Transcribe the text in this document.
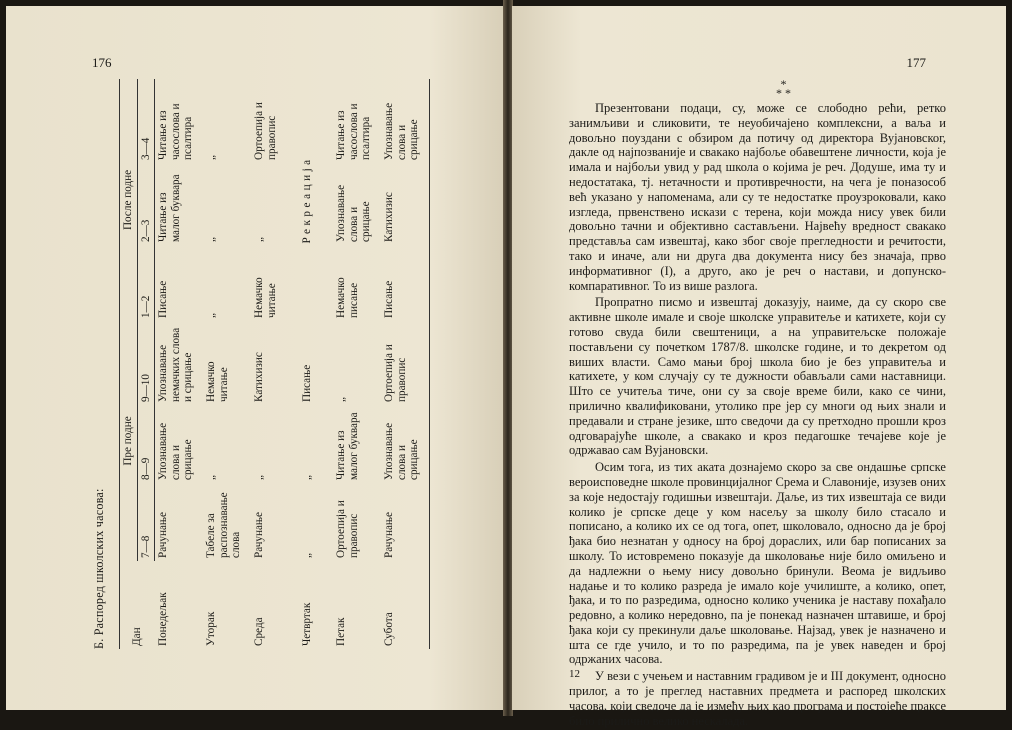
176
Б. Распоред школских часова: Дан	Пре подне			После подне		
	7—8	8—9	9—10	1—2	2—3	3—4
Понедељак	Рачунање	Упознавање слова и срицање	Упознавање немачких слова и срицање	Писање	Читање из малог буквара	Читање из часослова и псалтира
Уторак	Табеле за распознавање слова	„	Немачко читање	„	„	„
Среда	Рачунање	„	Катихизис	Немачко читање	„	Ортоепија и правопис
Четвртак	„	„	Писање	Рекреација		
Петак	Ортоепија и правопис	Читање из малог буквара	„	Немачко писање	Упознавање слова и срицање	Читање из часослова и псалтира
Субота	Рачунање	Упознавање слова и срицање	Ортоепија и правопис	Писање	Катихизис	Упознавање слова и срицање
177
*
* *

Презентовани подаци, су, може се слободно рећи, ретко занимљиви и сликовити, те неуобичајено комплексни, а ваља и довољно поуздани с обзиром да потичу од директора Вујановског, дакле од најпозваније и свакако најбоље обавештене личности, која је имала и најбољи увид у рад школа о којима је реч. Додуше, има ту и недостатака, тј. нетачности и противречности, на чега је поназоcоб већ указано у напоменама, али су те недостатке проузроковали, како изгледа, првенствено искази с терена, који можда нису увек били довољно тачни и објективно састављени. Највећу вредност свакако представља сам извештај, како због своје прегледности и речитости, тако и иначе, али ни друга два документа нису без значаја, прво информативног (I), а друго, ако је реч о настави, и допунско-компаративног. То из више разлога.

Пропратно писмо и извештај доказују, наиме, да су скоро све активне школе имале и своје школске управитеље и катихете, који су готово свуда били свештеници, а на управитељске положаје постављени су почетком 1787/8. школске године, и то декретом од виших власти. Само мањи број школа био је без управитеља и катихете, у ком случају су те дужности обављали сами наставници. Што се учитеља тиче, они су за своје време били, како се чини, прилично квалификовани, утолико пре јер су многи од њих знали и предавали и стране језике, што сведочи да су претходно прошли кроз одговарајуће школе, а свакако и кроз педагошке течајеве које је одржавао сам Вујановски.

Осим тога, из тих аката дознајемо скоро за све ондашње српске вероисповедне школе провинцијалног Срема и Славоније, изузев оних за које недостају годишњи извештаји. Даље, из тих извештаја се види колико је српске деце у ком насељу за школу било стасало и пописано, а колико их се од тога, опет, школовало, односно да је број ђака био незнатан у односу на број дораслих, или бар пописаних за школу. То истовремено показује да школовање није било омиљено и да надлежни о њему нису довољно бринули. Веома је видљиво надање и то колико разреда је имало које училиште, а колико, опет, ђака, и то по разредима, односно колико ученика је наставу похађало редовно, а колико нередовно, па је понекад назначен штавише, и број ђака који су прекинули даље школовање. Најзад, увек је назначено и шта се где учило, и то по разредима, па је увек наведен и број одржаних часова.

У вези с учењем и наставним градивом је и III документ, односно прилог, а то је преглед наставних предмета и распоред школских часова, који сведоче да је између њих као програма и постојеће праксе било прилично велико нескалада.

12
